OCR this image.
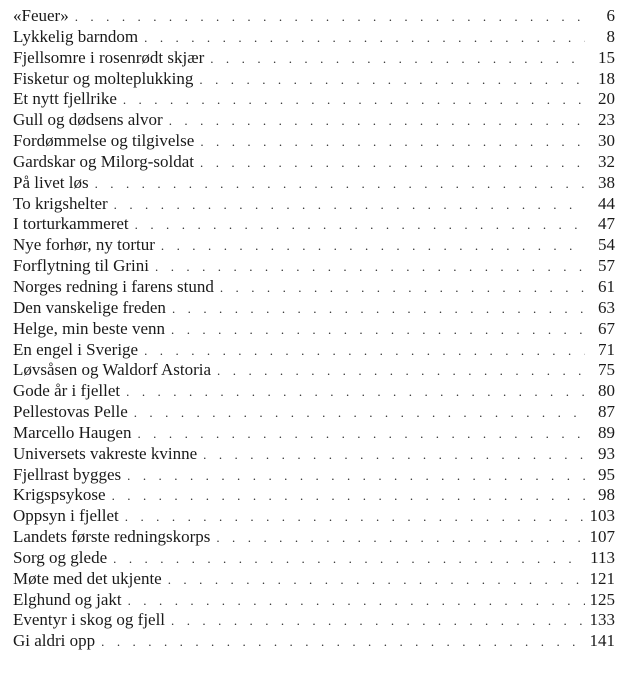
«Feuer» . . .	6
Lykkelig barndom . . .	8
Fjellsomre i rosenrødt skjær . . .	15
Fisketur og molteplukking . . .	18
Et nytt fjellrike . . .	20
Gull og dødsens alvor . . .	23
Fordømmelse og tilgivelse . . .	30
Gardskar og Milorg-soldat . . .	32
På livet løs . . .	38
To krigshelter . . .	44
I torturkammeret . . .	47
Nye forhør, ny tortur . . .	54
Forflytning til Grini . . .	57
Norges redning i farens stund . . .	61
Den vanskelige freden . . .	63
Helge, min beste venn . . .	67
En engel i Sverige . . .	71
Løvsåsen og Waldorf Astoria . . .	75
Gode år i fjellet . . .	80
Pellestovas Pelle . . .	87
Marcello Haugen . . .	89
Universets vakreste kvinne . . .	93
Fjellrast bygges . . .	95
Krigspsykose . . .	98
Oppsyn i fjellet . . .	103
Landets første redningskorps . . .	107
Sorg og glede . . .	113
Møte med det ukjente . . .	121
Elghund og jakt . . .	125
Eventyr i skog og fjell . . .	133
Gi aldri opp . . .	141
